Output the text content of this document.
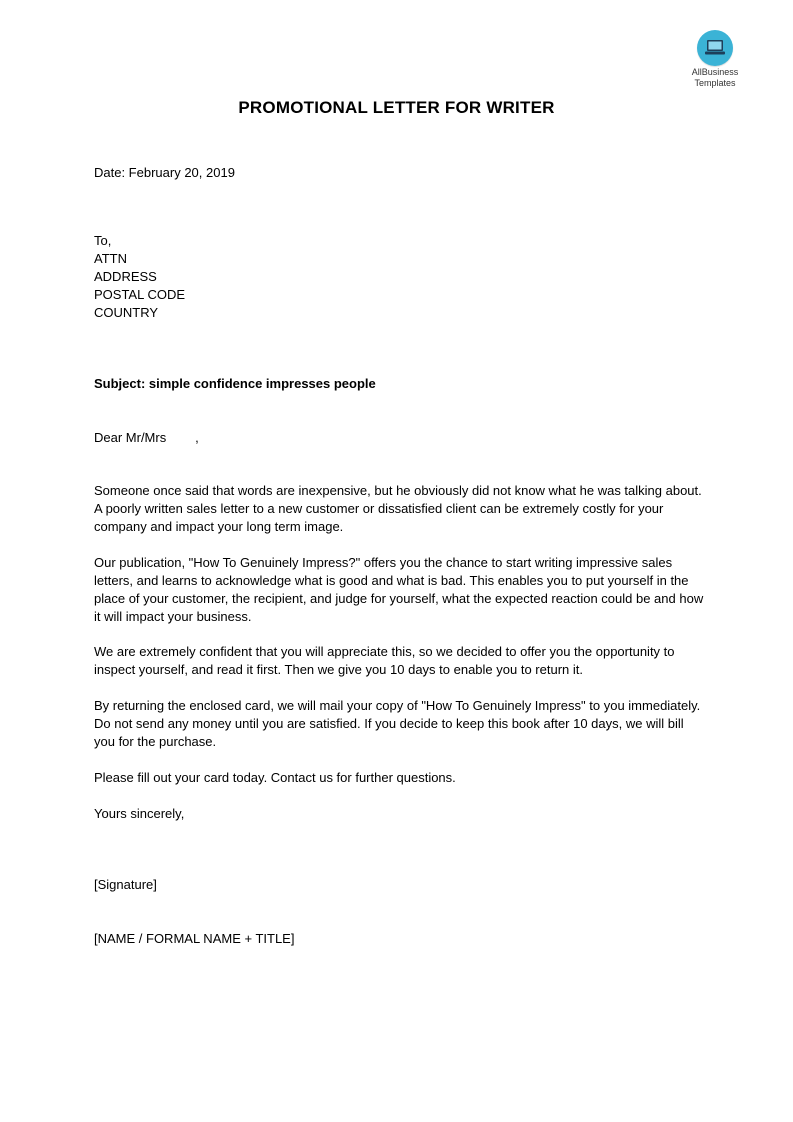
AllBusiness
Templates
PROMOTIONAL LETTER FOR WRITER
Date: February 20, 2019
To,
ATTN
ADDRESS
POSTAL CODE
COUNTRY
Subject: simple confidence impresses people
Dear Mr/Mrs        ,
Someone once said that words are inexpensive, but he obviously did not know what he was talking about. A poorly written sales letter to a new customer or dissatisfied client can be extremely costly for your company and impact your long term image.
Our publication, "How To Genuinely Impress?" offers you the chance to start writing impressive sales letters, and learns to acknowledge what is good and what is bad. This enables you to put yourself in the place of your customer, the recipient, and judge for yourself, what the expected reaction could be and how it will impact your business.
We are extremely confident that you will appreciate this, so we decided to offer you the opportunity to inspect yourself, and read it first. Then we give you 10 days to enable you to return it.
By returning the enclosed card, we will mail your copy of "How To Genuinely Impress" to you immediately. Do not send any money until you are satisfied. If you decide to keep this book after 10 days, we will bill you for the purchase.
Please fill out your card today. Contact us for further questions.
Yours sincerely,
[Signature]
[NAME / FORMAL NAME + TITLE]
